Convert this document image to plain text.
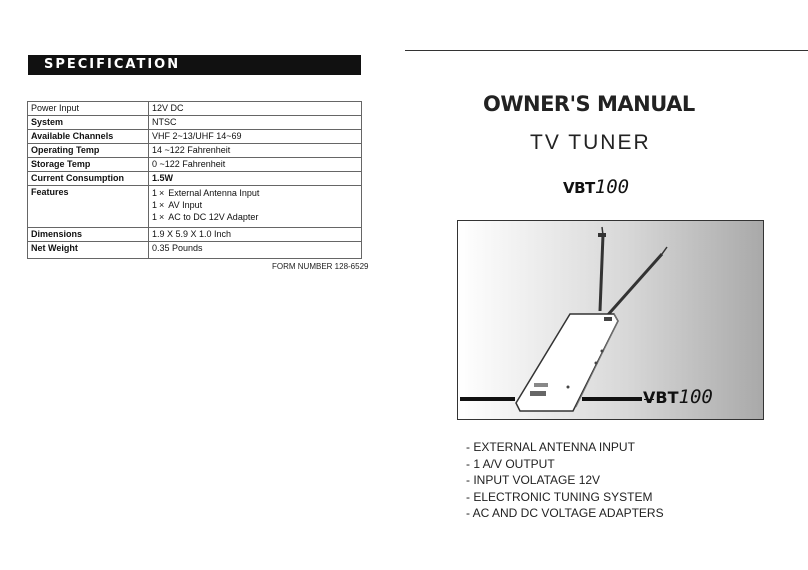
SPECIFICATION
Power Input	12V DC
System	NTSC
Available Channels	VHF 2~13/UHF 14~69
Operating Temp	14 ~122 Fahrenheit
Storage Temp	0 ~122 Fahrenheit
Current Consumption	1.5W
Features	1 × External Antenna Input
1 × AV Input
1 × AC to DC 12V Adapter

Dimensions	1.9 X 5.9 X 1.0 Inch
Net Weight	0.35 Pounds
FORM NUMBER 128-6529
OWNER'S MANUAL
TV TUNER
VBT100
VBT100
- EXTERNAL ANTENNA INPUT
- 1 A/V OUTPUT
- INPUT VOLATAGE 12V
- ELECTRONIC TUNING SYSTEM
- AC AND DC VOLTAGE ADAPTERS
